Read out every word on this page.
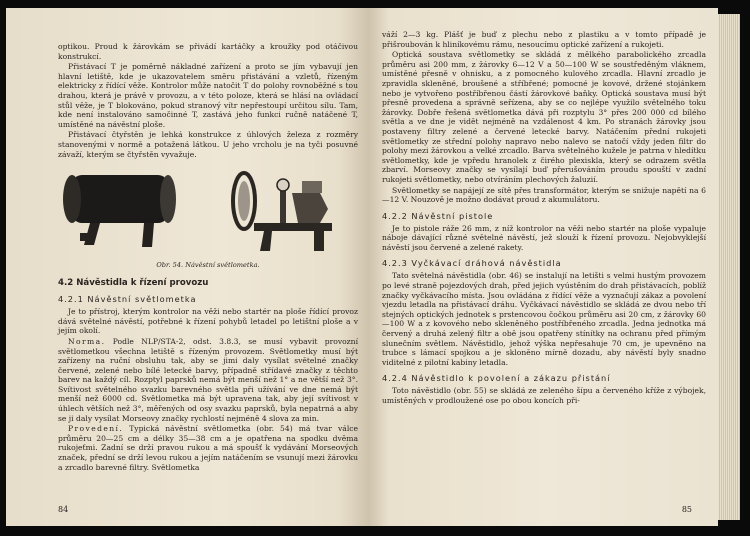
optikou. Proud k žárovkám se přivádí kartáčky a kroužky pod otáčivou konstrukcí.

Přistávací T je poměrně nákladné zařízení a proto se jím vybavují jen hlavní letiště, kde je ukazovatelem směru přistávání a vzletů, řízeným elektricky z řídící věže. Kontrolor může natočit T do polohy rovnoběžné s tou drahou, která je právě v provozu, a v této poloze, která se hlásí na ovládací stůl věže, je T blokováno, pokud stranový vítr nepřestoupí určitou sílu. Tam, kde není instalováno samočinné T, zastává jeho funkci ručně natáčené T, umístěné na návěstní ploše.

Přistávací čtyřstěn je lehká konstrukce z úhlových železa z rozměry stanovenými v normě a potažená látkou. U jeho vrcholu je na tyči posuvné závaží, kterým se čtyřstěn vyvažuje.

Obr. 54. Návěstní světlometka.
4.2 Návěstidla k řízení provozu
4.2.1 Návěstní světlometka

Je to přístroj, kterým kontrolor na věži nebo startér na ploše řídící provoz dává světelné návěstí, potřebné k řízení pohybů letadel po letištní ploše a v jejím okolí.

Norma. Podle NLP/STA-2, odst. 3.8.3, se musí vybavit provozní světlometkou všechna letiště s řízeným provozem. Světlometky musí být zařízeny na ruční obsluhu tak, aby se jimi daly vysílat světelné značky červené, zelené nebo bílé letecké barvy, případně střídavé značky z těchto barev na každý cíl. Rozptyl paprsků nemá být menší než 1° a ne větší než 3°. Svítivost světelného svazku barevného světla při užívání ve dne nemá být menší než 6000 cd. Světlometka má být upravena tak, aby její svítivost v úhlech větších než 3°, měřených od osy svazku paprsků, byla nepatrná a aby se ji daly vysílat Morseovy značky rychlostí nejméně 4 slova za min.

Provedení. Typická návěstní světlometka (obr. 54) má tvar válce průměru 20—25 cm a délky 35—38 cm a je opatřena na spodku dvěma rukojeťmi. Zadní se drží pravou rukou a má spoušť k vydávání Morseových značek, přední se drží levou rukou a jejím natáčením se vsunují mezi žárovku a zrcadlo barevné filtry. Světlometka

84

váží 2—3 kg. Plášť je buď z plechu nebo z plastiku a v tomto případě je přišroubován k hliníkovému rámu, nesoucímu optické zařízení a rukojeti.

Optická soustava světlometky se skládá z mělkého parabolického zrcadla průměru asi 200 mm, z žárovky 6—12 V a 50—100 W se soustředěným vláknem, umístěné přesně v ohnisku, a z pomocného kulového zrcadla. Hlavní zrcadlo je zpravidla skleněné, broušené a stříbřené; pomocné je kovové, držené stojánkem nebo je vytvořeno postříbřenou částí žárovkové baňky. Optická soustava musí být přesně provedena a správně seřízena, aby se co nejlépe využilo světelného toku žárovky. Dobře řešená světlometka dává při rozptylu 3° přes 200 000 cd bílého světla a ve dne je vidět nejméně na vzdálenost 4 km. Po stranách žárovky jsou postaveny filtry zelené a červené letecké barvy. Natáčením přední rukojeti světlometky ze střední polohy napravo nebo nalevo se natočí vždy jeden filtr do polohy mezi žárovkou a velké zrcadlo. Barva světelného kužele je patrna v hledítku světlometky, kde je vpředu hranolek z čirého plexiskla, který se odrazem světla zbarví. Morseovy značky se vysílají buď přerušováním proudu spouští v zadní rukojeti světlometky, nebo otvíráním plechových žaluzií.

Světlometky se napájejí ze sítě přes transformátor, kterým se snižuje napětí na 6—12 V. Nouzově je možno dodávat proud z akumulátoru.

4.2.2 Návěstní pistole

Je to pistole ráže 26 mm, z níž kontrolor na věži nebo startér na ploše vypaluje náboje dávající různé světelné návěstí, jež slouží k řízení provozu. Nejobvyklejší návěstí jsou červené a zelené rakety.

4.2.3 Vyčkávací dráhová návěstidla

Tato světelná návěstidla (obr. 46) se instalují na letišti s velmi hustým provozem po levé straně pojezdových drah, před jejich vyústěním do drah přistávacích, poblíž značky vyčkávacího místa. Jsou ovládána z řídící věže a vyznačují zákaz a povolení vjezdu letadla na přistávací dráhu. Vyčkávací návěstidlo se skládá ze dvou nebo tří stejných optických jednotek s prstencovou čočkou průměru asi 20 cm, z žárovky 60—100 W a z kovového nebo skleněného postříbřeného zrcadla. Jedna jednotka má červený a druhá zelený filtr a obě jsou opatřeny stínítky na ochranu před přímým slunečním světlem. Návěstidlo, jehož výška nepřesahuje 70 cm, je upevněno na trubce s lámací spojkou a je skloněno mírně dozadu, aby návěstí byly snadno viditelné z pilotní kabiny letadla.

4.2.4 Návěstidlo k povolení a zákazu přistání

Toto návěstidlo (obr. 55) se skládá ze zeleného šípu a červeného kříže z výbojek, umístěných v prodloužené ose po obou koncích při-

85
